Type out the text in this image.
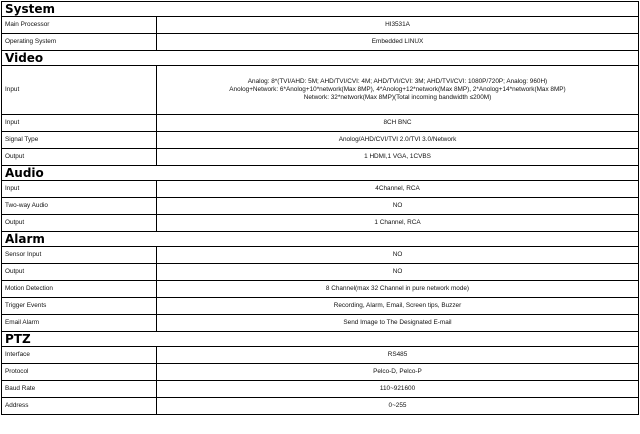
System	
Main Processor	HI3531A

Operating System	Embedded LINUX

Video	
Input	Analog: 8*(TVI/AHD: 5M; AHD/TVI/CVI: 4M; AHD/TVI/CVI: 3M; AHD/TVI/CVI: 1080P/720P; Analog: 960H)
Anolog+Network: 6*Anolog+10*network(Max 8MP), 4*Anolog+12*network(Max 8MP), 2*Anolog+14*network(Max 8MP)
Network: 32*network(Max 8MP)(Total incoming bandwidth ≤200M)

Input	8CH BNC

Signal Type	Anolog/AHD/CVI/TVI 2.0/TVI 3.0/Network

Output	1 HDMI,1 VGA, 1CVBS

Audio	
Input	4Channel, RCA

Two-way Audio	NO

Output	1 Channel, RCA

Alarm	
Sensor Input	NO

Output	NO

Motion Detection	8 Channel(max 32 Channel in pure network mode)

Trigger Events	Recording, Alarm, Email, Screen tips, Buzzer

Email Alarm	Send Image to The Designated E-mail

PTZ	
Interface	RS485

Protocol	Pelco-D, Pelco-P

Baud Rate	110~921600

Address	0~255
